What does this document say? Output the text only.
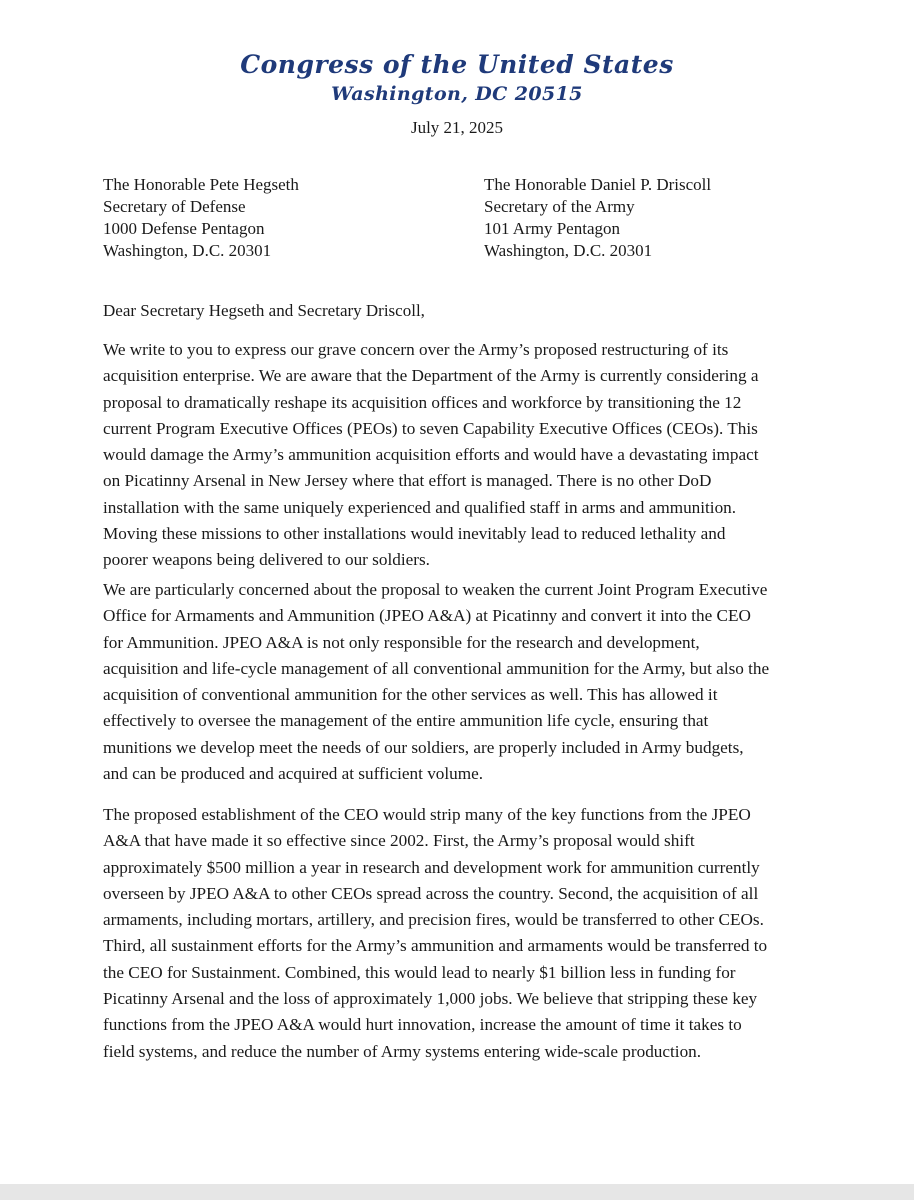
Congress of the United States
Washington, DC 20515
July 21, 2025
The Honorable Pete Hegseth
Secretary of Defense
1000 Defense Pentagon
Washington, D.C. 20301
The Honorable Daniel P. Driscoll
Secretary of the Army
101 Army Pentagon
Washington, D.C. 20301
Dear Secretary Hegseth and Secretary Driscoll,
We write to you to express our grave concern over the Army’s proposed restructuring of its
acquisition enterprise. We are aware that the Department of the Army is currently considering a
proposal to dramatically reshape its acquisition offices and workforce by transitioning the 12
current Program Executive Offices (PEOs) to seven Capability Executive Offices (CEOs). This
would damage the Army’s ammunition acquisition efforts and would have a devastating impact
on Picatinny Arsenal in New Jersey where that effort is managed. There is no other DoD
installation with the same uniquely experienced and qualified staff in arms and ammunition.
Moving these missions to other installations would inevitably lead to reduced lethality and
poorer weapons being delivered to our soldiers.
We are particularly concerned about the proposal to weaken the current Joint Program Executive
Office for Armaments and Ammunition (JPEO A&A) at Picatinny and convert it into the CEO
for Ammunition. JPEO A&A is not only responsible for the research and development,
acquisition and life-cycle management of all conventional ammunition for the Army, but also the
acquisition of conventional ammunition for the other services as well. This has allowed it
effectively to oversee the management of the entire ammunition life cycle, ensuring that
munitions we develop meet the needs of our soldiers, are properly included in Army budgets,
and can be produced and acquired at sufficient volume.
The proposed establishment of the CEO would strip many of the key functions from the JPEO
A&A that have made it so effective since 2002. First, the Army’s proposal would shift
approximately $500 million a year in research and development work for ammunition currently
overseen by JPEO A&A to other CEOs spread across the country. Second, the acquisition of all
armaments, including mortars, artillery, and precision fires, would be transferred to other CEOs.
Third, all sustainment efforts for the Army’s ammunition and armaments would be transferred to
the CEO for Sustainment. Combined, this would lead to nearly $1 billion less in funding for
Picatinny Arsenal and the loss of approximately 1,000 jobs. We believe that stripping these key
functions from the JPEO A&A would hurt innovation, increase the amount of time it takes to
field systems, and reduce the number of Army systems entering wide-scale production.
